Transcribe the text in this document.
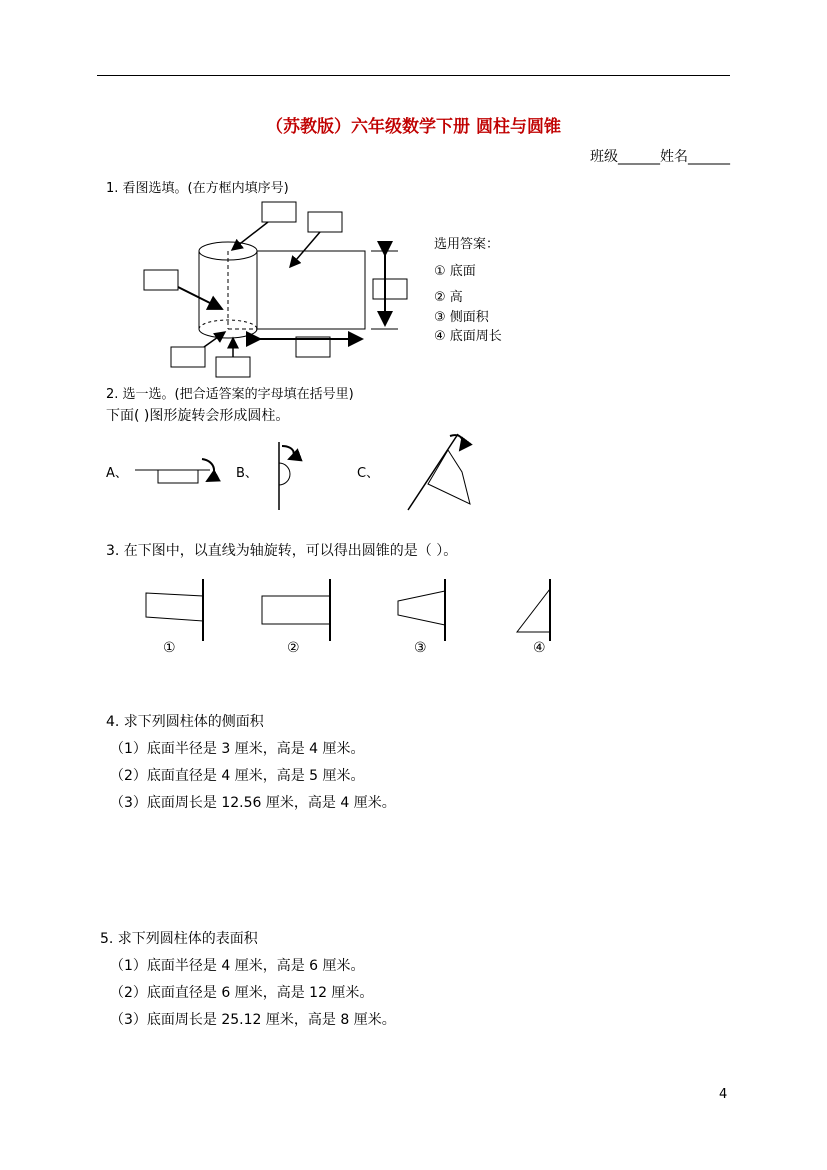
（苏教版）六年级数学下册 圆柱与圆锥
班级______姓名______
1. 看图选填。(在方框内填序号)
选用答案：
① 底面
② 高
③ 侧面积
④ 底面周长
2. 选一选。(把合适答案的字母填在括号里)
下面( )图形旋转会形成圆柱。
A、	B、	C、
3. 在下图中，以直线为轴旋转，可以得出圆锥的是（ ）。
①	②	③	④
4. 求下列圆柱体的侧面积
（1）底面半径是 3 厘米，高是 4 厘米。
（2）底面直径是 4 厘米，高是 5 厘米。
（3）底面周长是 12.56 厘米，高是 4 厘米。
5. 求下列圆柱体的表面积
（1）底面半径是 4 厘米，高是 6 厘米。
（2）底面直径是 6 厘米，高是 12 厘米。
（3）底面周长是 25.12 厘米，高是 8 厘米。
4
